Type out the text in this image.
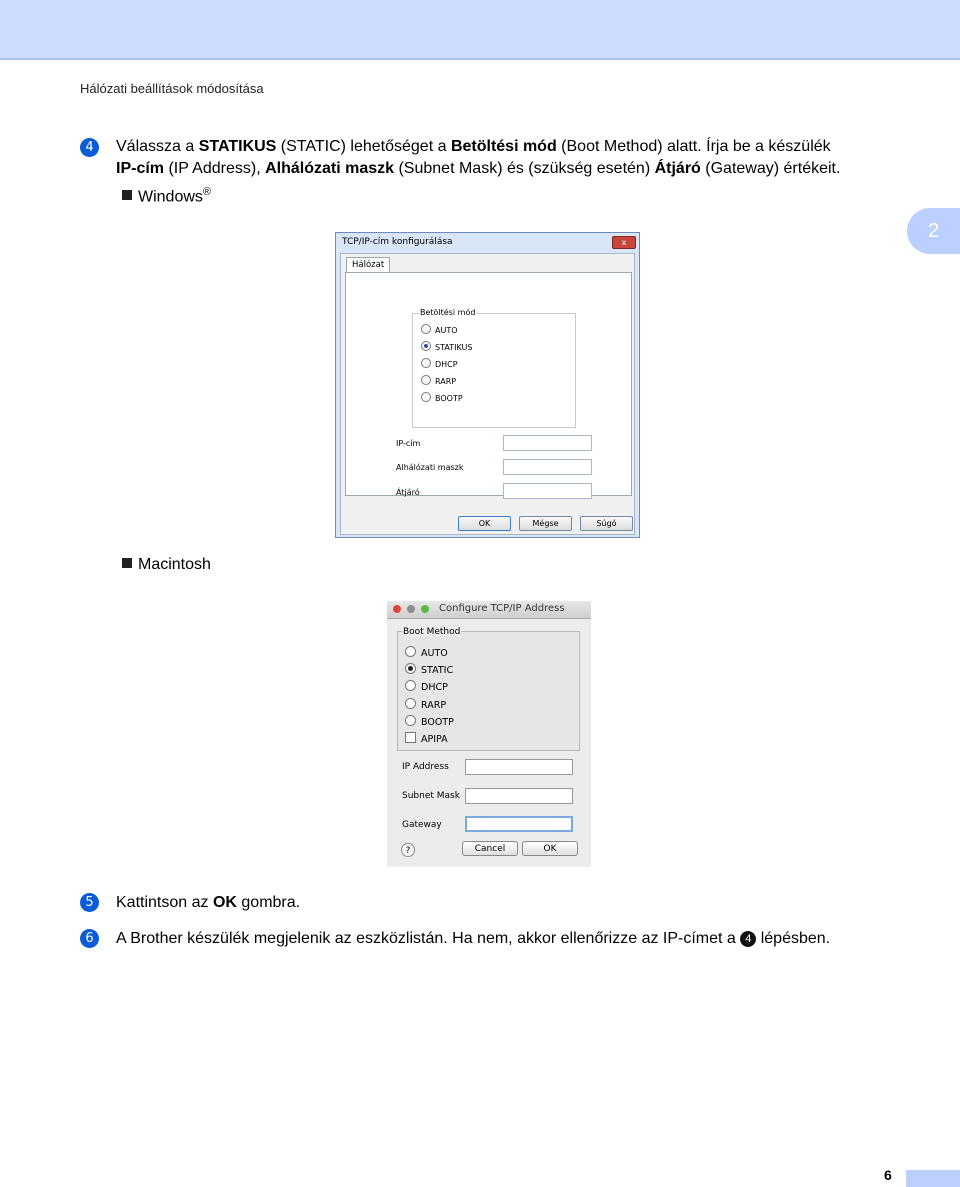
Hálózati beállítások módosítása
2
4	Válassza a STATIKUS (STATIC) lehetőséget a Betöltési mód (Boot Method) alatt. Írja be a készülék
IP-cím (IP Address), Alhálózati maszk (Subnet Mask) és (szükség esetén) Átjáró (Gateway) értékeit.
Windows®
TCP/IP-cím konfigurálása	x
Hálózat
Betöltési mód
AUTO
STATIKUS
DHCP
RARP
BOOTP
IP-cím
Alhálózati maszk
Átjáró
OK	Mégse	Súgó
Macintosh
Configure TCP/IP Address
Boot Method
AUTO
STATIC
DHCP
RARP
BOOTP
APIPA
IP Address
Subnet Mask
Gateway
?	Cancel	OK
5	Kattintson az OK gombra.
6	A Brother készülék megjelenik az eszközlistán. Ha nem, akkor ellenőrizze az IP-címet a 4 lépésben.
6
